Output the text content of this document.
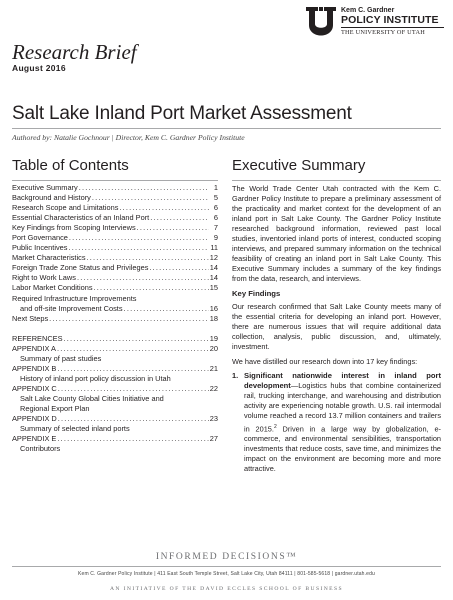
Kem C. Gardner
POLICY INSTITUTE
THE UNIVERSITY OF UTAH
Research Brief
August 2016
Salt Lake Inland Port Market Assessment
Authored by: Natalie Gochnour | Director, Kem C. Gardner Policy Institute
Table of Contents	Executive Summary
Executive Summary .....	1
Background and History .....	5
Research Scope and Limitations .....	6
Essential Characteristics of an Inland Port .....	6
Key Findings from Scoping Interviews .....	7
Port Governance .....	9
Public Incentives .....	11
Market Characteristics .....	12
Foreign Trade Zone Status and Privileges .....	14
Right to Work Laws .....	14
Labor Market Conditions .....	15
Required Infrastructure Improvements
and off-site Improvement Costs .....	16
Next Steps .....	18
REFERENCES .....	19
APPENDIX A .....	20
Summary of past studies
APPENDIX B .....	21
History of inland port policy discussion in Utah
APPENDIX C .....	22
Salt Lake County Global Cities Initiative and
Regional Export Plan
APPENDIX D .....	23
Summary of selected inland ports
APPENDIX E .....	27
Contributors

The World Trade Center Utah contracted with the Kem C. Gardner Policy Institute to prepare a preliminary assessment of the practicality and market context for the development of an inland port in Salt Lake County. The Gardner Policy Institute researched background information, reviewed past local studies, inventoried inland ports of interest, conducted scoping interviews, and prepared summary information on the technical feasibility of creating an inland port in Salt Lake County. This Executive Summary includes a summary of the key findings from the data, research, and interviews.

Key Findings

Our research confirmed that Salt Lake County meets many of the essential criteria for developing an inland port. However, there are numerous issues that will require additional data collection, analysis, public discussion, and, ultimately, investment.

We have distilled our research down into 17 key findings:

1. Significant nationwide interest in inland port development—Logistics hubs that combine containerized rail, trucking interchange, and warehousing and distribution activity are experiencing notable growth. U.S. rail intermodal volume reached a record 13.7 million containers and trailers in 2015.$^2$ Driven in a large way by globalization, e-commerce, and environmental sensibilities, transportation investments that reduce costs, save time, and minimizes the impact on the environment are becoming more and more attractive.
INFORMED DECISIONS™
Kem C. Gardner Policy Institute | 411 East South Temple Street, Salt Lake City, Utah 84111 | 801-585-5618 | gardner.utah.edu
AN INITIATIVE OF THE DAVID ECCLES SCHOOL OF BUSINESS
